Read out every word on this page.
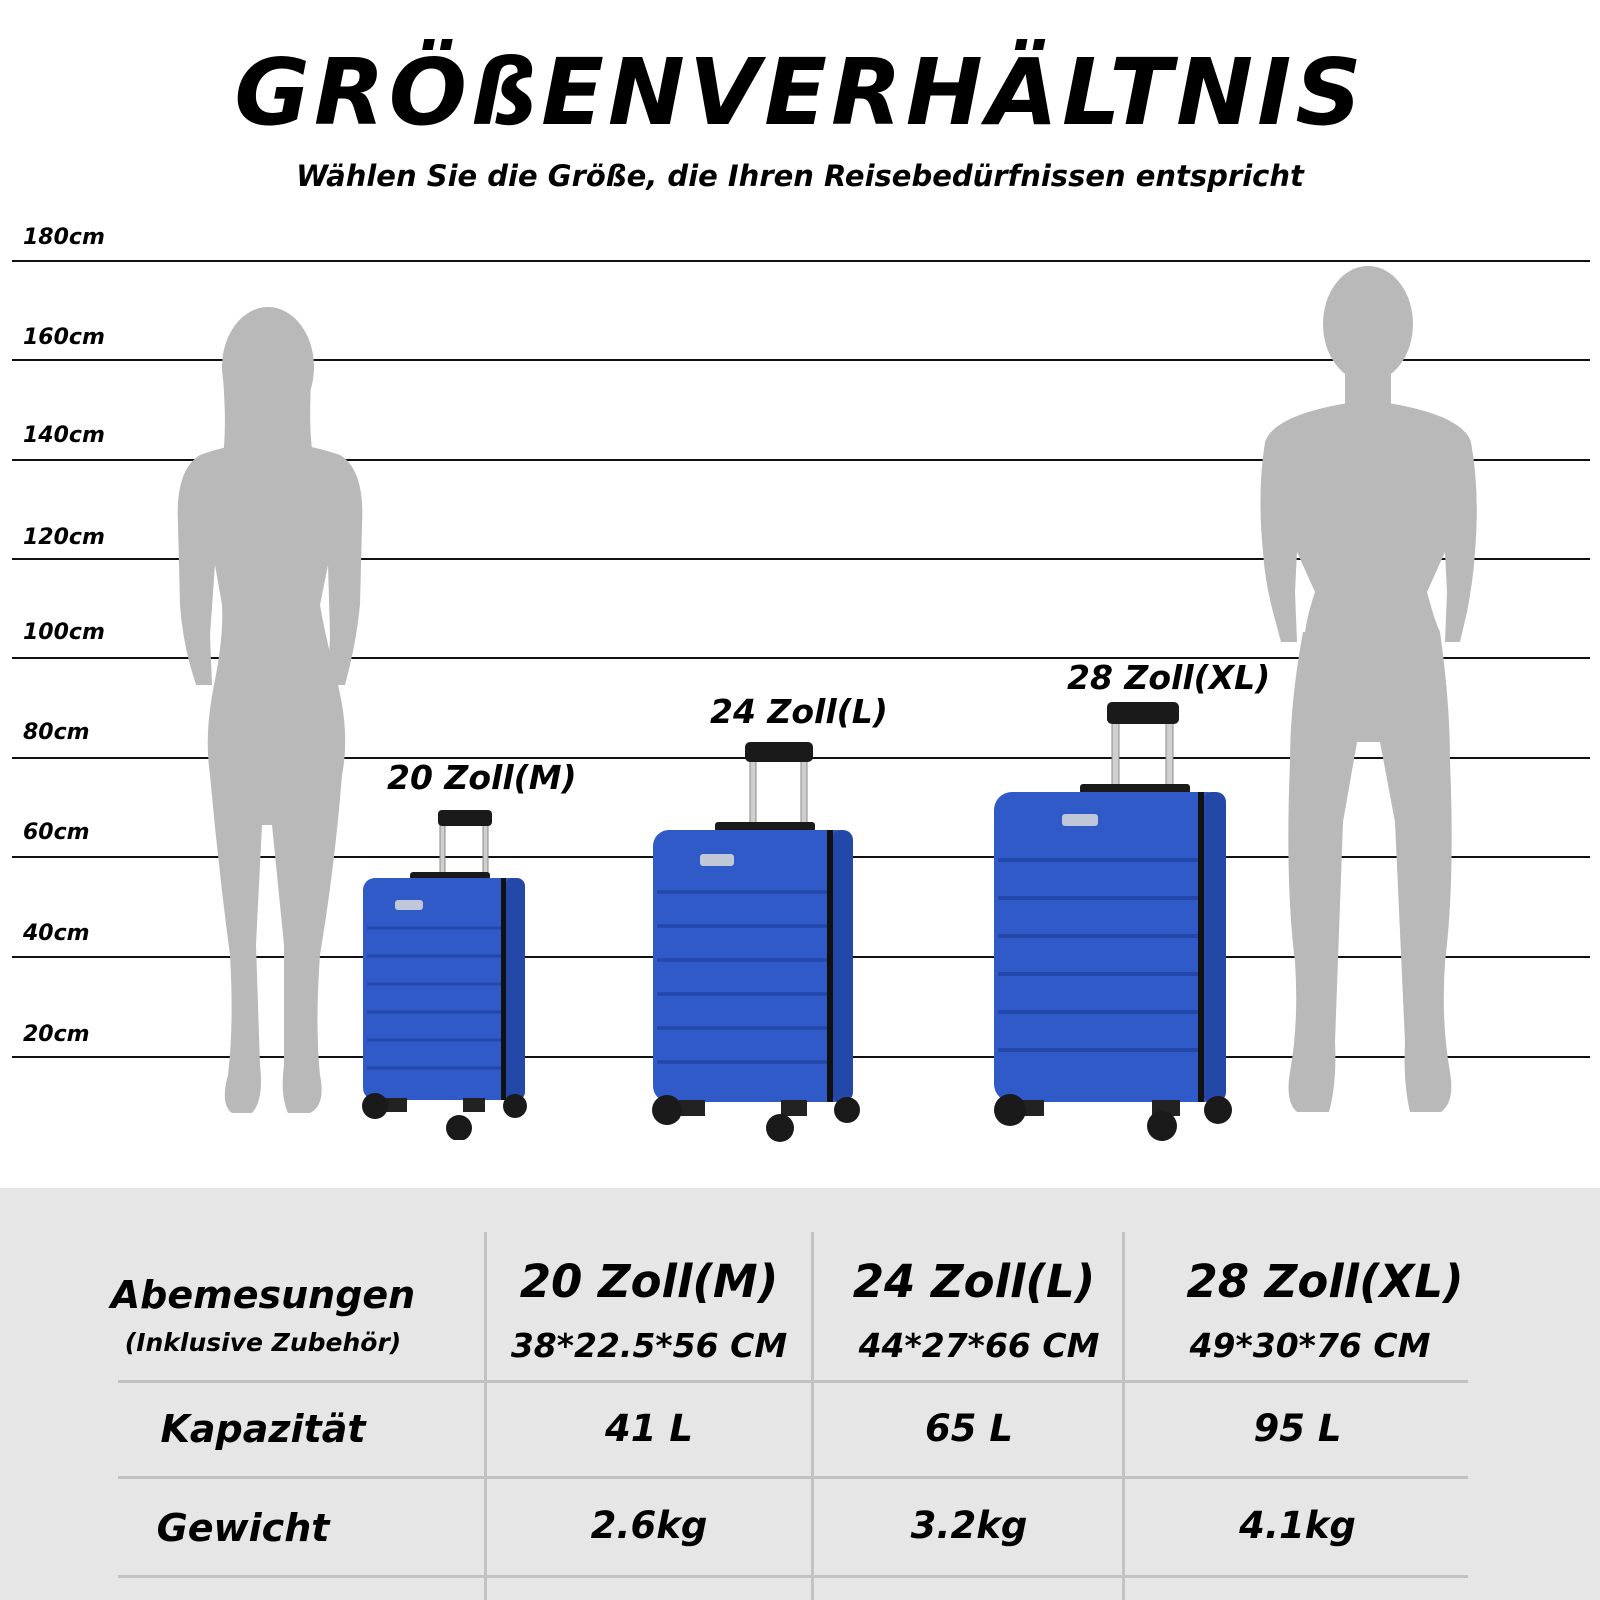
GRÖßENVERHÄLTNIS
Wählen Sie die Größe, die Ihren Reisebedürfnissen entspricht
180cm
160cm
140cm
120cm
100cm
80cm
60cm
40cm
20cm
20 Zoll(M)
24 Zoll(L)
28 Zoll(XL)
Abemesungen
(Inklusive Zubehör)
Kapazität
Gewicht
20 Zoll(M)
38*22.5*56 CM
41 L
2.6kg
24 Zoll(L)
44*27*66 CM
65 L
3.2kg
28 Zoll(XL)
49*30*76 CM
95 L
4.1kg
